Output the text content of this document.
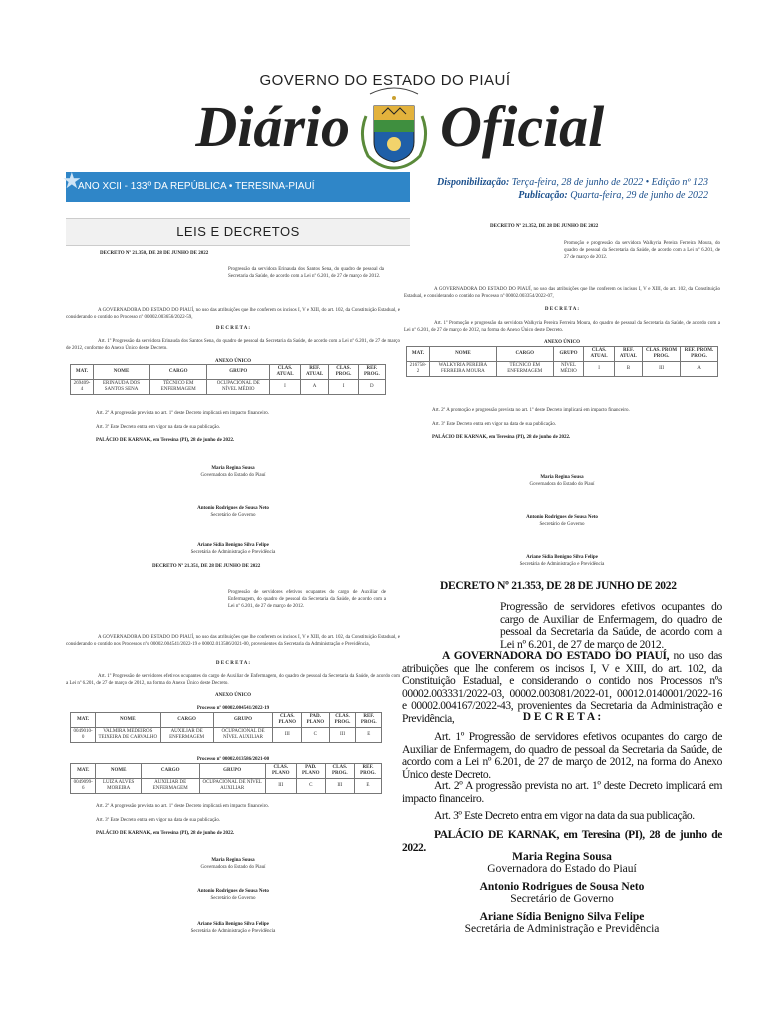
GOVERNO DO ESTADO DO PIAUÍ
Diário Oficial
★
ANO XCII - 133º DA REPÚBLICA • TERESINA-PIAUÍ	Disponibilização: Terça-feira, 28 de junho de 2022 • Edição nº 123
Publicação: Quarta-feira, 29 de junho de 2022
LEIS E DECRETOS
DECRETO Nº 21.350, DE 28 DE JUNHO DE 2022
Progressão da servidora Erinauda dos Santos Sena, do quadro de pessoal da Secretaria da Saúde, de acordo com a Lei nº 6.201, de 27 de março de 2012.
A GOVERNADORA DO ESTADO DO PIAUÍ, no uso das atribuições que lhe conferem os incisos I, V e XIII, do art. 102, da Constituição Estadual, e considerando o contido no Processo nº 00002.003656/2022-59,
D E C R E T A :
Art. 1º Progressão da servidora Erinauda dos Santos Sena, do quadro de pessoal da Secretaria da Saúde, de acordo com a Lei nº 6.201, de 27 de março de 2012, conforme do Anexo Único deste Decreto.
ANEXO ÚNICO
MAT.	NOME	CARGO	GRUPO	CLAS. ATUAL	REF. ATUAL	CLAS. PROG.	REF. PROG.
269409-4	ERINAUDA DOS SANTOS SENA	TÉCNICO EM ENFERMAGEM	OCUPACIONAL DE NÍVEL MÉDIO	I	A	I	D
Art. 2º A progressão prevista no art. 1º deste Decreto implicará em impacto financeiro.
Art. 3º Este Decreto entra em vigor na data de sua publicação.
PALÁCIO DE KARNAK, em Teresina (PI), 28 de junho de 2022.
Maria Regina Sousa
Governadora do Estado do Piauí
Antonio Rodrigues de Sousa Neto
Secretário de Governo
Ariane Sídia Benigno Silva Felipe
Secretária de Administração e Previdência
DECRETO Nº 21.351, DE 28 DE JUNHO DE 2022
Progressão de servidores efetivos ocupantes do cargo de Auxiliar de Enfermagem, do quadro de pessoal da Secretaria da Saúde, de acordo com a Lei nº 6.201, de 27 de março de 2012.
A GOVERNADORA DO ESTADO DO PIAUÍ, no uso das atribuições que lhe conferem os incisos I, V e XIII, do art. 102, da Constituição Estadual, e considerando o contido nos Processos nºs 00002.004541/2022-19 e 00002.013586/2021-00, provenientes da Secretaria da Administração e Previdência,
D E C R E T A :
Art. 1º Progressão de servidores efetivos ocupantes do cargo de Auxiliar de Enfermagem, do quadro de pessoal da Secretaria da Saúde, de acordo com a Lei nº 6.201, de 27 de março de 2012, na forma do Anexo Único deste Decreto.
ANEXO ÚNICO
Processo nº 00002.004541/2022-19
MAT.	NOME	CARGO	GRUPO	CLAS. PLANO	PAD. PLANO	CLAS. PROG.	REF. PROG.
0049010-0	VALMIRA MEDEIROS TEIXEIRA DE CARVALHO	AUXILIAR DE ENFERMAGEM	OCUPACIONAL DE NÍVEL AUXILIAR	III	C	III	E
Processo nº 00002.013586/2021-00
MAT.	NOME	CARGO	GRUPO	CLAS. PLANO	PAD. PLANO	CLAS. PROG.	REF. PROG.
0049099-6	LUIZA ALVES MOREIRA	AUXILIAR DE ENFERMAGEM	OCUPACIONAL DE NÍVEL AUXILIAR	III	C	III	E
Art. 2º A progressão prevista no art. 1º deste Decreto implicará em impacto financeiro.
Art. 3º Este Decreto entra em vigor na data de sua publicação.
PALÁCIO DE KARNAK, em Teresina (PI), 28 de junho de 2022.
Maria Regina Sousa
Governadora do Estado do Piauí
Antonio Rodrigues de Sousa Neto
Secretário de Governo
Ariane Sídia Benigno Silva Felipe
Secretária de Administração e Previdência
DECRETO Nº 21.352, DE 28 DE JUNHO DE 2022
Promoção e progressão da servidora Walkyria Pereira Ferreira Moura, do quadro de pessoal da Secretaria da Saúde, de acordo com a Lei nº 6.201, de 27 de março de 2012.
A GOVERNADORA DO ESTADO DO PIAUÍ, no uso das atribuições que lhe conferem os incisos I, V e XIII, do art. 102, da Constituição Estadual, e considerando o contido no Processo nº 00002.003354/2022-07,
D E C R E T A :
Art. 1º Promoção e progressão da servidora Walkyria Pereira Ferreira Moura, do quadro de pessoal da Secretaria da Saúde, de acordo com a Lei nº 6.201, de 27 de março de 2012, na forma do Anexo Único deste Decreto.
ANEXO ÚNICO
MAT.	NOME	CARGO	GRUPO	CLAS. ATUAL	REF. ATUAL	CLAS. PROM PROG.	REF. PROM. PROG.
216758-2	WALKYRIA PEREIRA FERREIRA MOURA	TÉCNICO EM ENFERMAGEM	NÍVEL MÉDIO	I	B	III	A
Art. 2º A promoção e progressão prevista no art. 1º deste Decreto implicará em impacto financeiro.
Art. 3º Este Decreto entra em vigor na data de sua publicação.
PALÁCIO DE KARNAK, em Teresina (PI), 28 de junho de 2022.
Maria Regina Sousa
Governadora do Estado do Piauí
Antonio Rodrigues de Sousa Neto
Secretário de Governo
Ariane Sídia Benigno Silva Felipe
Secretária de Administração e Previdência
DECRETO Nº 21.353, DE 28 DE JUNHO DE 2022
Progressão de servidores efetivos ocupantes do cargo de Auxiliar de Enfermagem, do quadro de pessoal da Secretaria da Saúde, de acordo com a Lei nº 6.201, de 27 de março de 2012.
A GOVERNADORA DO ESTADO DO PIAUÍ, no uso das atribuições que lhe conferem os incisos I, V e XIII, do art. 102, da Constituição Estadual, e considerando o contido nos Processos nºs 00002.003331/2022-03, 00002.003081/2022-01, 00012.0140001/2022-16 e 00002.004167/2022-43, provenientes da Secretaria da Administração e Previdência,	D E C R E T A :
Art. 1º Progressão de servidores efetivos ocupantes do cargo de Auxiliar de Enfermagem, do quadro de pessoal da Secretaria da Saúde, de acordo com a Lei nº 6.201, de 27 de março de 2012, na forma do Anexo Único deste Decreto.
Art. 2º A progressão prevista no art. 1º deste Decreto implicará em impacto financeiro.
Art. 3º Este Decreto entra em vigor na data da sua publicação.
PALÁCIO DE KARNAK, em Teresina (PI), 28 de junho de 2022.
Maria Regina Sousa
Governadora do Estado do Piauí
Antonio Rodrigues de Sousa Neto
Secretário de Governo
Ariane Sídia Benigno Silva Felipe
Secretária de Administração e Previdência
